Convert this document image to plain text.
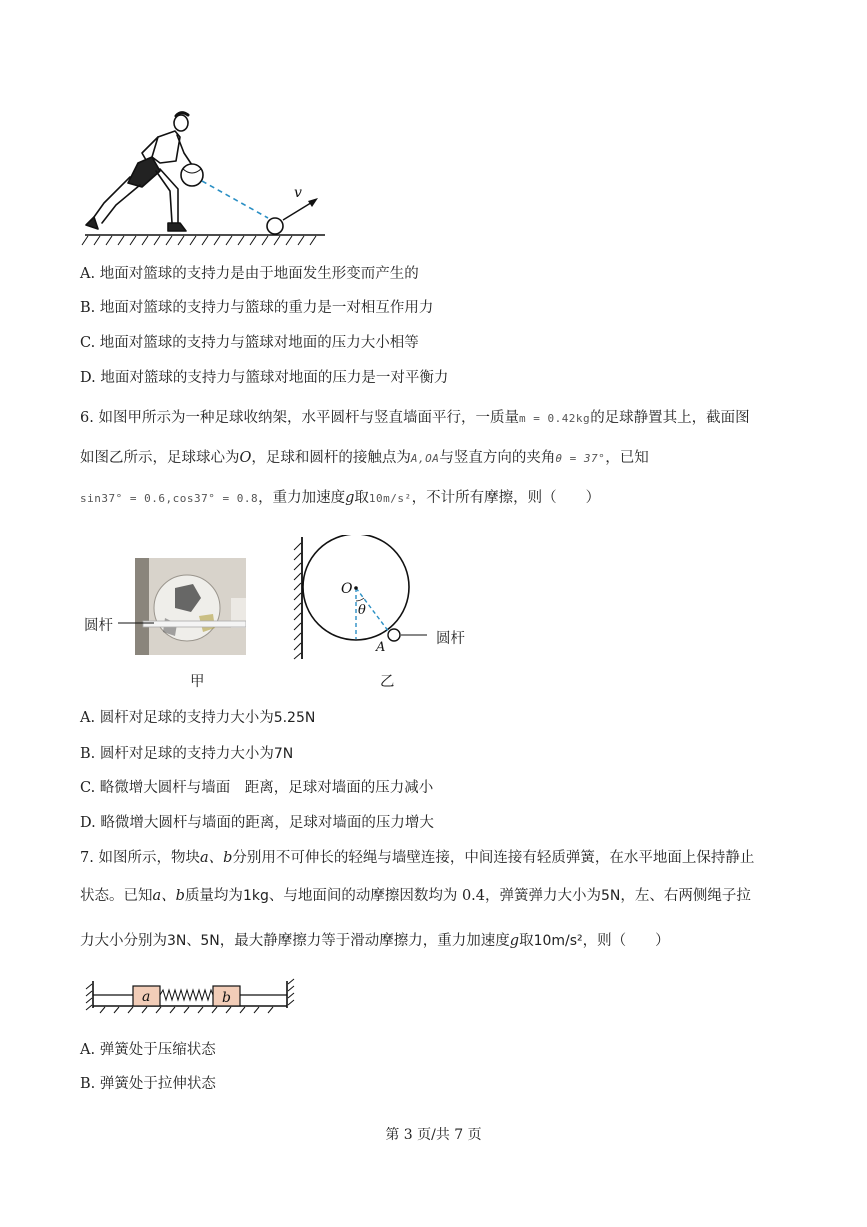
v
A. 地面对篮球的支持力是由于地面发生形变而产生的
B. 地面对篮球的支持力与篮球的重力是一对相互作用力
C. 地面对篮球的支持力与篮球对地面的压力大小相等
D. 地面对篮球的支持力与篮球对地面的压力是一对平衡力
6. 如图甲所示为一种足球收纳架，水平圆杆与竖直墙面平行，一质量m = 0.42kg的足球静置其上，截面图
如图乙所示，足球球心为O，足球和圆杆的接触点为A,OA与竖直方向的夹角θ = 37°，已知
sin37° = 0.6,cos37° = 0.8，重力加速度g取10m/s²，不计所有摩擦，则（　　）
圆杆
甲
O
θ
A
圆杆
乙
A. 圆杆对足球的支持力大小为5.25N
B. 圆杆对足球的支持力大小为7N
C. 略微增大圆杆与墙面　距离，足球对墙面的压力减小
D. 略微增大圆杆与墙面的距离，足球对墙面的压力增大
7. 如图所示，物块a、b分别用不可伸长的轻绳与墙壁连接，中间连接有轻质弹簧，在水平地面上保持静止
状态。已知a、b质量均为1kg、与地面间的动摩擦因数均为 0.4，弹簧弹力大小为5N，左、右两侧绳子拉
力大小分别为3N、5N，最大静摩擦力等于滑动摩擦力，重力加速度g取10m/s²，则（　　）
a	b
A. 弹簧处于压缩状态
B. 弹簧处于拉伸状态
第 3 页/共 7 页
